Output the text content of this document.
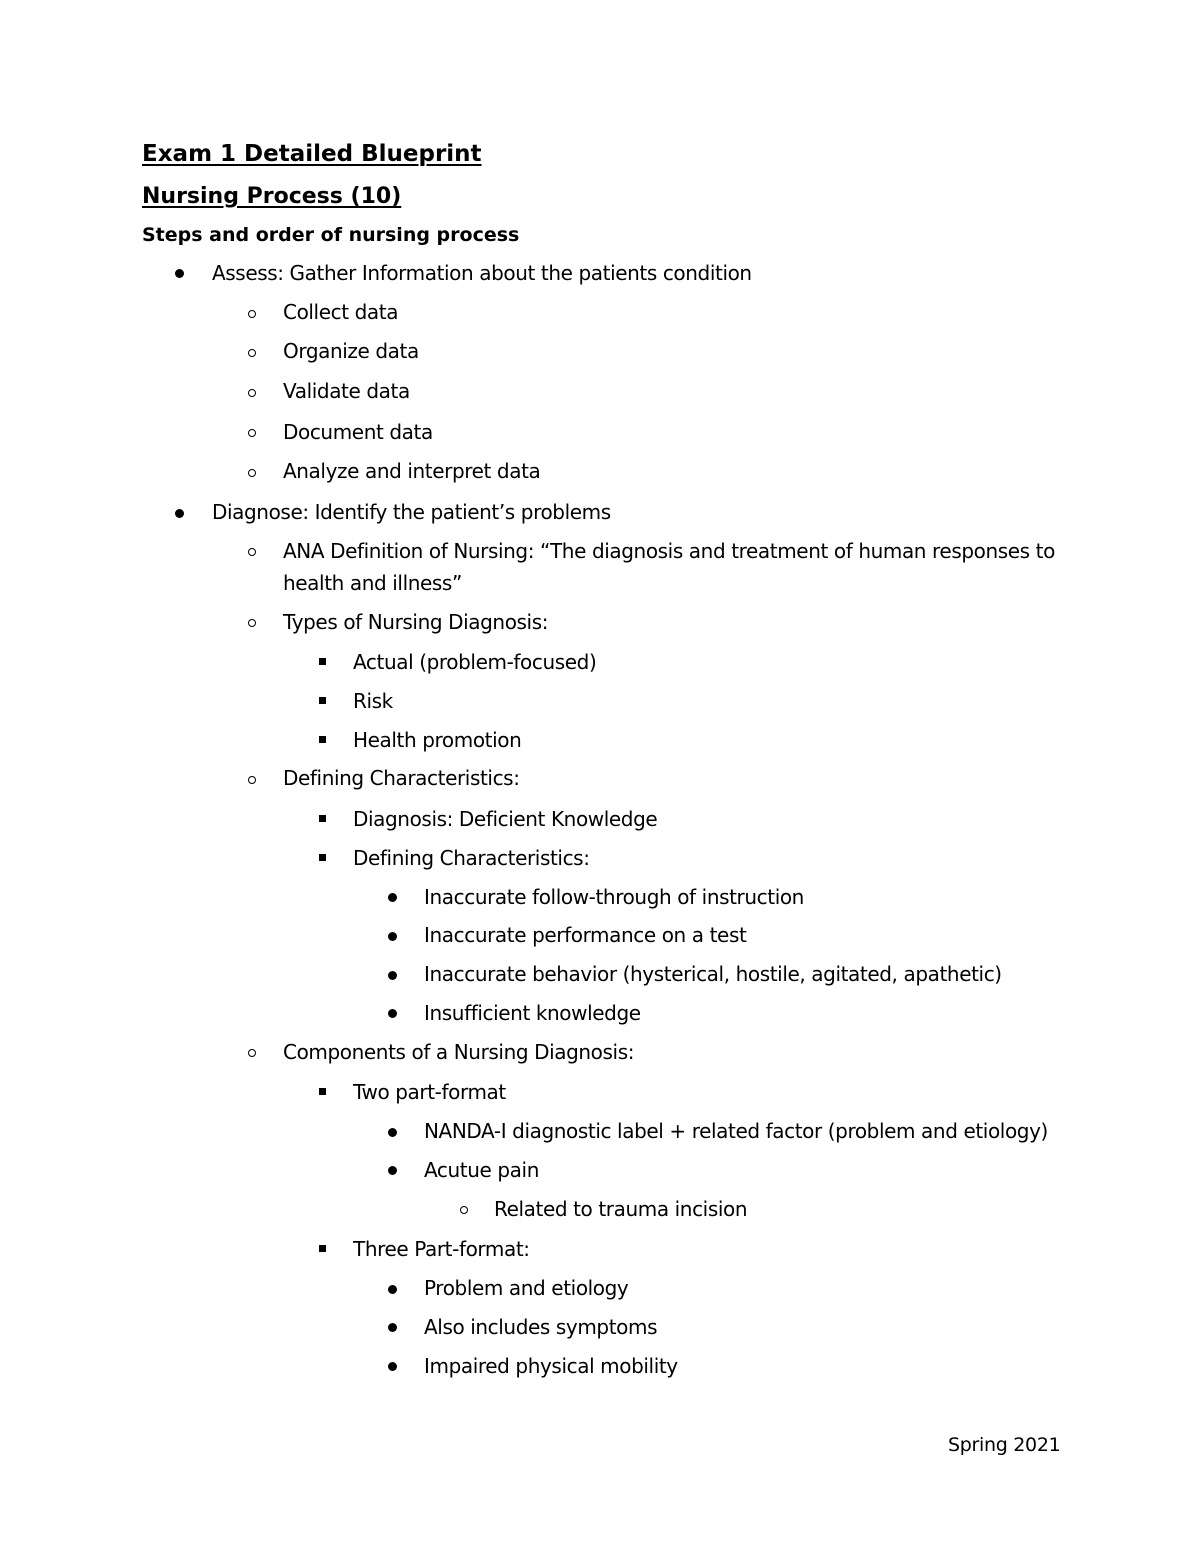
Exam 1 Detailed Blueprint
Nursing Process (10)
Steps and order of nursing process
Assess: Gather Information about the patients condition
Collect data
Organize data
Validate data
Document data
Analyze and interpret data
Diagnose: Identify the patient’s problems
ANA Definition of Nursing: “The diagnosis and treatment of human responses to
health and illness”
Types of Nursing Diagnosis:
Actual (problem-focused)
Risk
Health promotion
Defining Characteristics:
Diagnosis: Deficient Knowledge
Defining Characteristics:
Inaccurate follow-through of instruction
Inaccurate performance on a test
Inaccurate behavior (hysterical, hostile, agitated, apathetic)
Insufficient knowledge
Components of a Nursing Diagnosis:
Two part-format
NANDA-I diagnostic label + related factor (problem and etiology)
Acutue pain
Related to trauma incision
Three Part-format:
Problem and etiology
Also includes symptoms
Impaired physical mobility
Spring 2021
